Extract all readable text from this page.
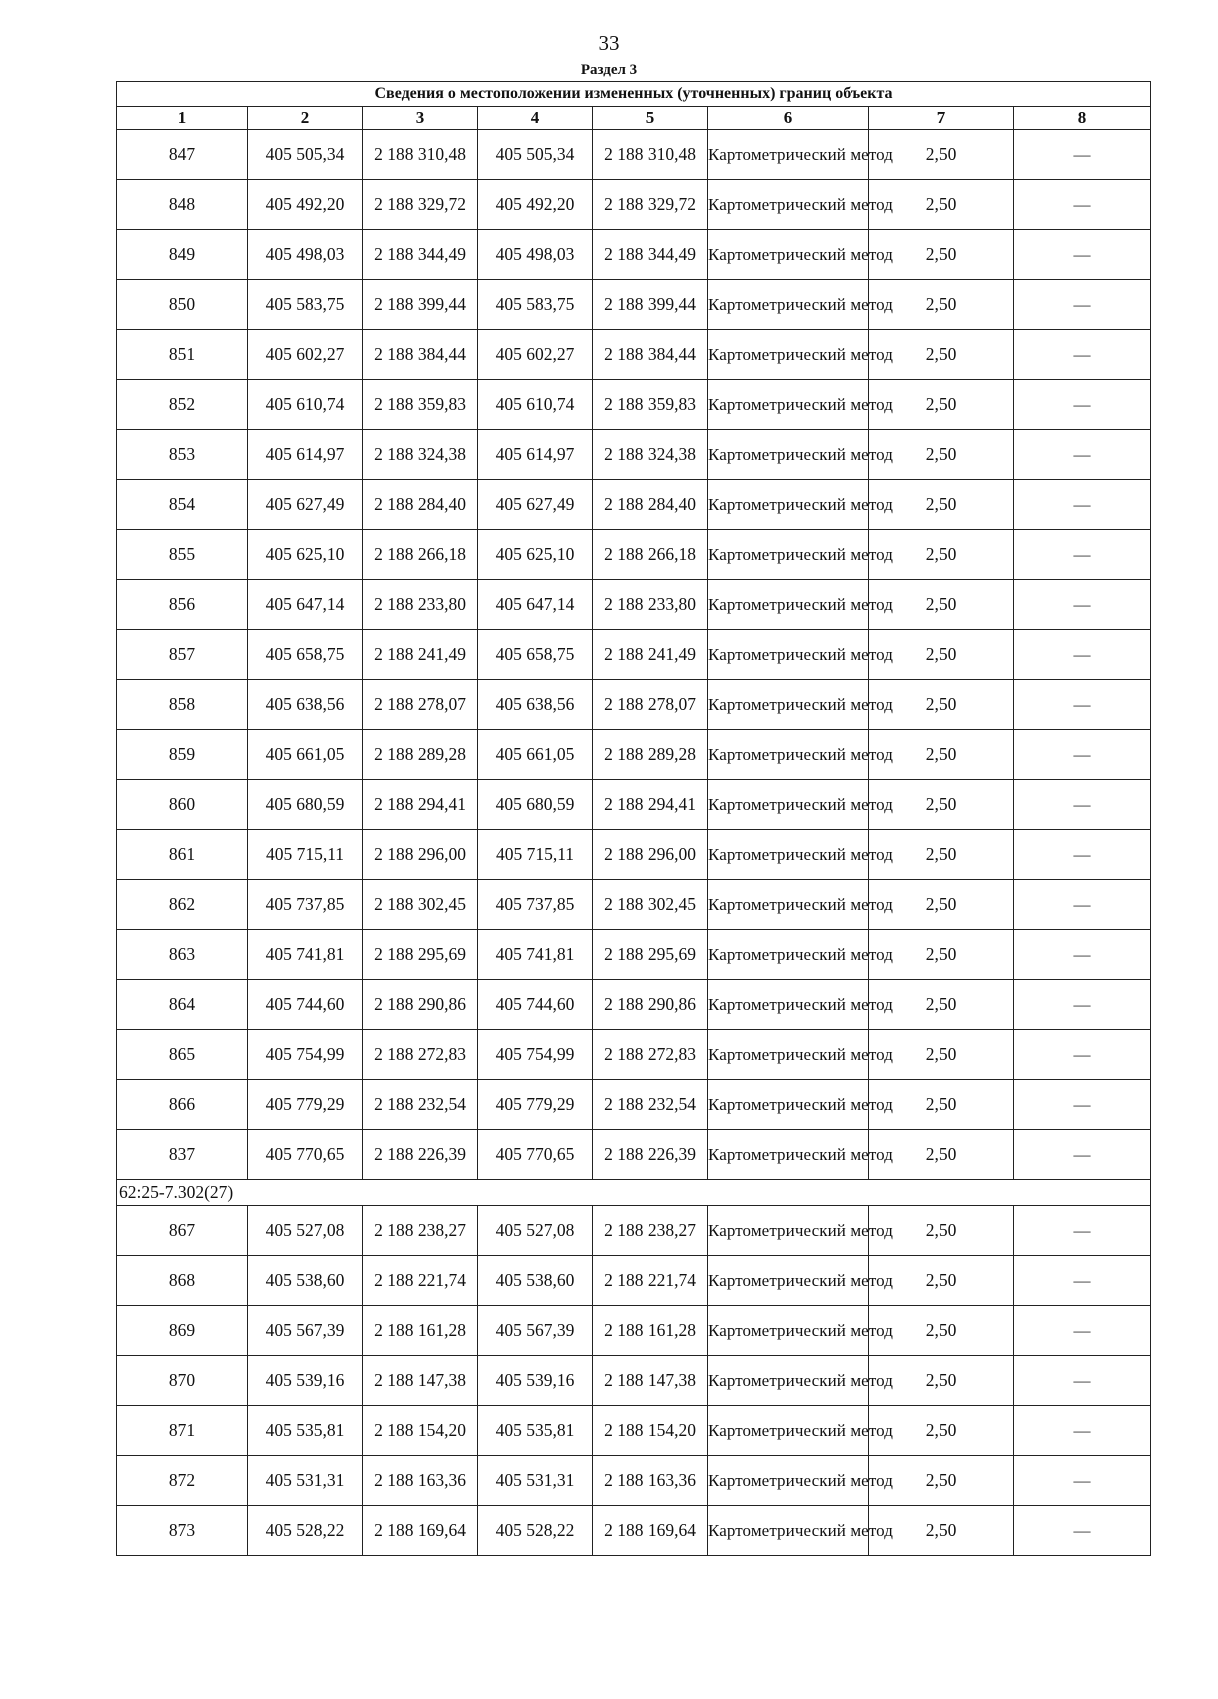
33
Раздел 3
Сведения о местоположении измененных (уточненных) границ объекта							
1	2	3	4	5	6	7	8
847	405 505,34	2 188 310,48	405 505,34	2 188 310,48	Картометрический метод	2,50	—
848	405 492,20	2 188 329,72	405 492,20	2 188 329,72	Картометрический метод	2,50	—
849	405 498,03	2 188 344,49	405 498,03	2 188 344,49	Картометрический метод	2,50	—
850	405 583,75	2 188 399,44	405 583,75	2 188 399,44	Картометрический метод	2,50	—
851	405 602,27	2 188 384,44	405 602,27	2 188 384,44	Картометрический метод	2,50	—
852	405 610,74	2 188 359,83	405 610,74	2 188 359,83	Картометрический метод	2,50	—
853	405 614,97	2 188 324,38	405 614,97	2 188 324,38	Картометрический метод	2,50	—
854	405 627,49	2 188 284,40	405 627,49	2 188 284,40	Картометрический метод	2,50	—
855	405 625,10	2 188 266,18	405 625,10	2 188 266,18	Картометрический метод	2,50	—
856	405 647,14	2 188 233,80	405 647,14	2 188 233,80	Картометрический метод	2,50	—
857	405 658,75	2 188 241,49	405 658,75	2 188 241,49	Картометрический метод	2,50	—
858	405 638,56	2 188 278,07	405 638,56	2 188 278,07	Картометрический метод	2,50	—
859	405 661,05	2 188 289,28	405 661,05	2 188 289,28	Картометрический метод	2,50	—
860	405 680,59	2 188 294,41	405 680,59	2 188 294,41	Картометрический метод	2,50	—
861	405 715,11	2 188 296,00	405 715,11	2 188 296,00	Картометрический метод	2,50	—
862	405 737,85	2 188 302,45	405 737,85	2 188 302,45	Картометрический метод	2,50	—
863	405 741,81	2 188 295,69	405 741,81	2 188 295,69	Картометрический метод	2,50	—
864	405 744,60	2 188 290,86	405 744,60	2 188 290,86	Картометрический метод	2,50	—
865	405 754,99	2 188 272,83	405 754,99	2 188 272,83	Картометрический метод	2,50	—
866	405 779,29	2 188 232,54	405 779,29	2 188 232,54	Картометрический метод	2,50	—
837	405 770,65	2 188 226,39	405 770,65	2 188 226,39	Картометрический метод	2,50	—
62:25-7.302(27)							
867	405 527,08	2 188 238,27	405 527,08	2 188 238,27	Картометрический метод	2,50	—
868	405 538,60	2 188 221,74	405 538,60	2 188 221,74	Картометрический метод	2,50	—
869	405 567,39	2 188 161,28	405 567,39	2 188 161,28	Картометрический метод	2,50	—
870	405 539,16	2 188 147,38	405 539,16	2 188 147,38	Картометрический метод	2,50	—
871	405 535,81	2 188 154,20	405 535,81	2 188 154,20	Картометрический метод	2,50	—
872	405 531,31	2 188 163,36	405 531,31	2 188 163,36	Картометрический метод	2,50	—
873	405 528,22	2 188 169,64	405 528,22	2 188 169,64	Картометрический метод	2,50	—
